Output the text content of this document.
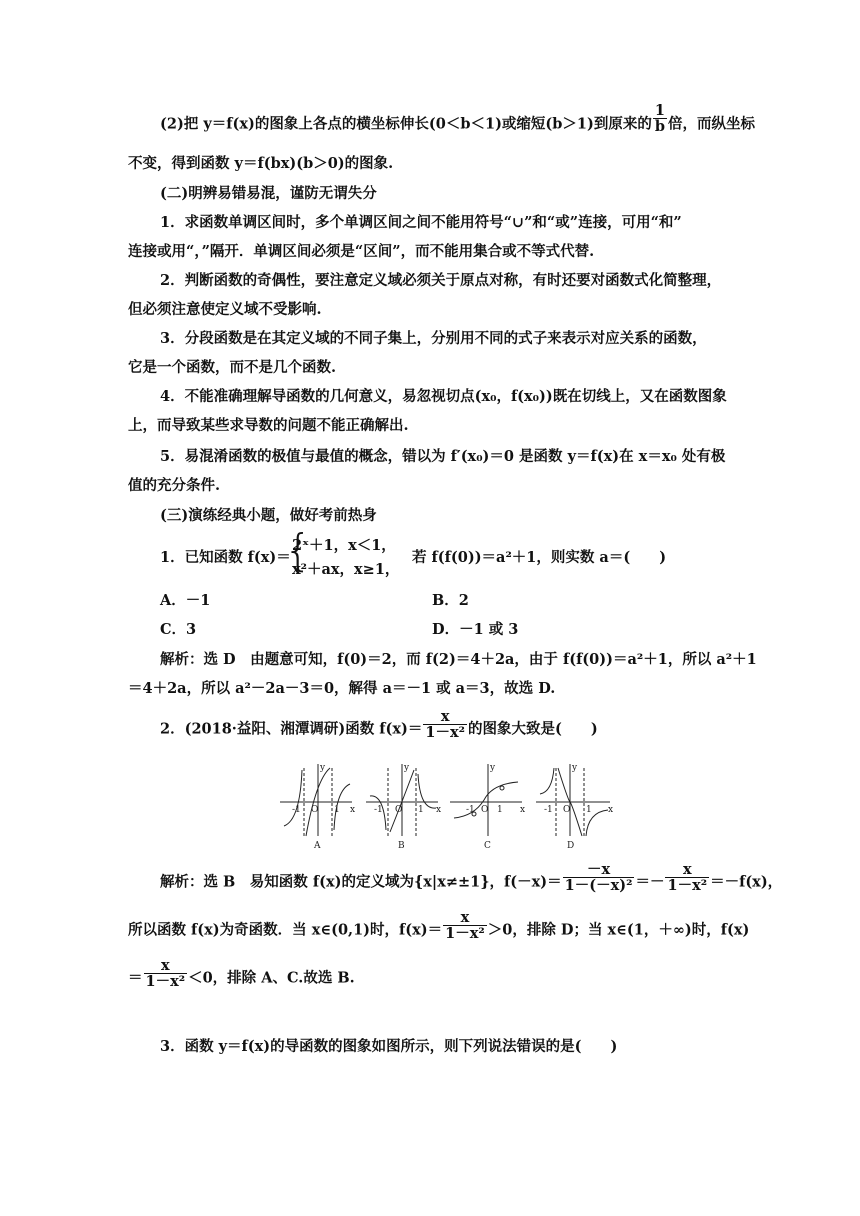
(2)把 y＝f(x)的图象上各点的横坐标伸长(0＜b＜1)或缩短(b＞1)到原来的 $\frac{1}{b}$ 倍，而纵坐标
不变，得到函数 y＝f(bx)(b＞0)的图象.
(二)明辨易错易混，谨防无谓失分
1．求函数单调区间时，多个单调区间之间不能用符号“∪”和“或”连接，可用“和”
连接或用“，”隔开．单调区间必须是“区间”，而不能用集合或不等式代替.
2．判断函数的奇偶性，要注意定义域必须关于原点对称，有时还要对函数式化简整理，
但必须注意使定义域不受影响.
3．分段函数是在其定义域的不同子集上，分别用不同的式子来表示对应关系的函数，
它是一个函数，而不是几个函数.
4．不能准确理解导函数的几何意义，易忽视切点(x₀，f(x₀))既在切线上，又在函数图象
上，而导致某些求导数的问题不能正确解出.
5．易混淆函数的极值与最值的概念，错以为 f′(x₀)＝0 是函数 y＝f(x)在 x＝x₀ 处有极
值的充分条件.
(三)演练经典小题，做好考前热身
1．已知函数 f(x)＝
{
2ˣ＋1，x＜1，
x²＋ax，x≥1，
若 f(f(0))＝a²＋1，则实数 a＝(　　)
A．－1	B．2
C．3	D．－1 或 3
解析：选 D　由题意可知，f(0)＝2，而 f(2)＝4＋2a，由于 f(f(0))＝a²＋1，所以 a²＋1
＝4＋2a，所以 a²－2a－3＝0，解得 a＝－1 或 a＝3，故选 D.
2．(2018·益阳、湘潭调研)函数 $f(x)= \frac{x}{\text{1－x²}}$ 的图象大致是(　　)
y
x
-1	1
O
y
x
-1	1
O
y
x
-1 1
O
y
x
-1	1
O
A	B	C	D
解析：选 B　易知函数 f(x)的定义域为{x|x≠±1}，$f(-x)= \frac{-x}{\text{1－(－x)²}} =- \frac{x}{\text{1－x²}} =-f(x)$，
所以函数 f(x)为奇函数．当 x∈(0,1)时，$f(x)= \frac{x}{\text{1－x²}} >0$，排除 D；当 x∈(1，＋∞)时，f(x)
＝ $\frac{x}{\text{1－x²}} <0$，排除 A、C.故选 B.
3．函数 y＝f(x)的导函数的图象如图所示，则下列说法错误的是(　　)
